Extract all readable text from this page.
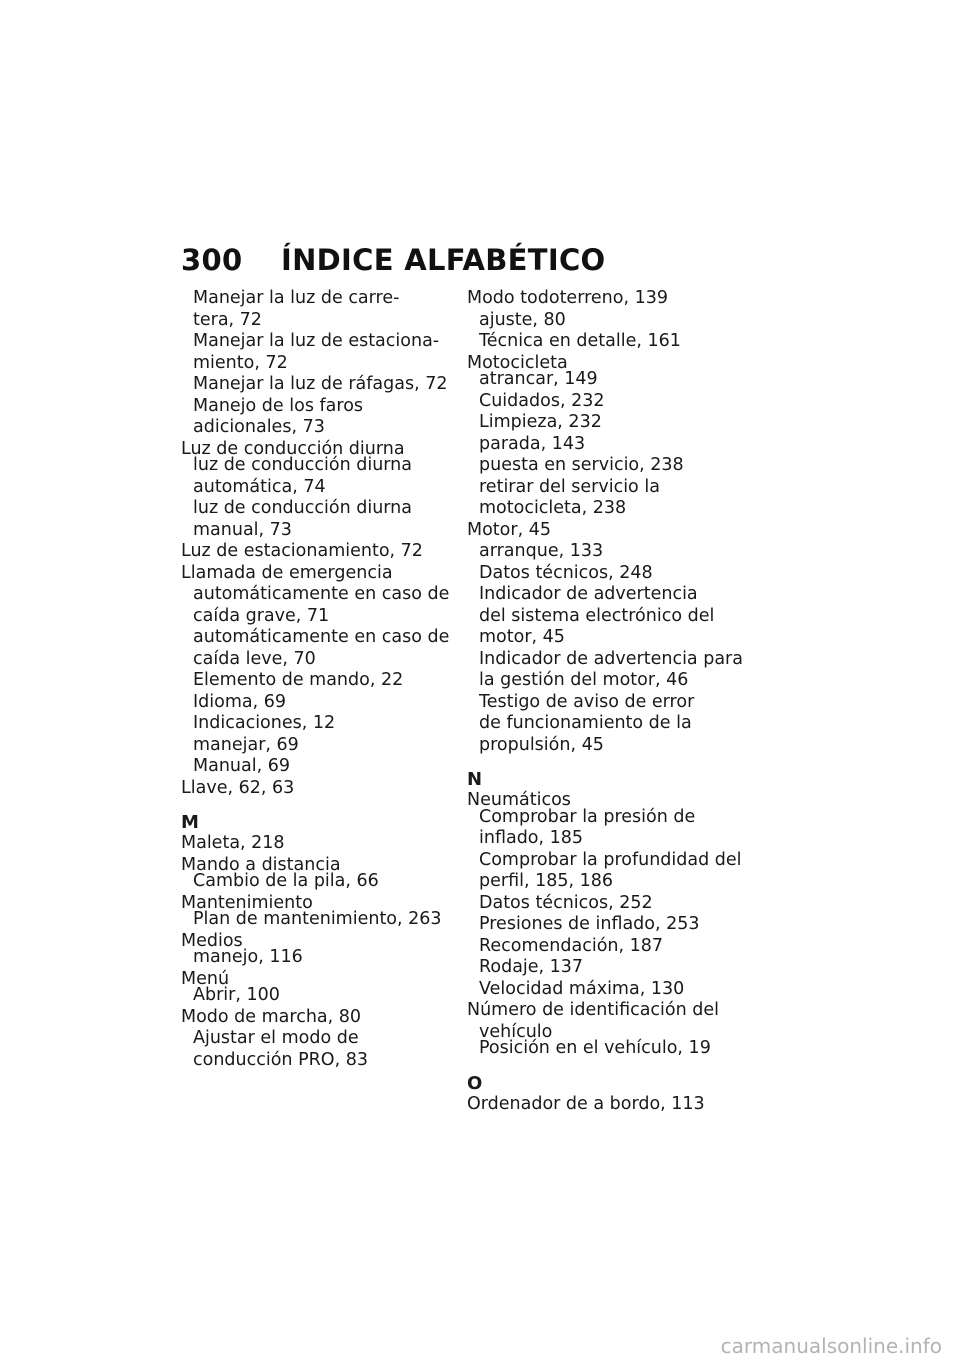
300 ÍNDICE ALFABÉTICO
Manejar la luz de carre-
tera, 72
Manejar la luz de estaciona-
miento, 72
Manejar la luz de ráfagas, 72
Manejo de los faros
adicionales, 73
Luz de conducción diurna
luz de conducción diurna
automática, 74
luz de conducción diurna
manual, 73
Luz de estacionamiento, 72
Llamada de emergencia
automáticamente en caso de
caída grave, 71
automáticamente en caso de
caída leve, 70
Elemento de mando, 22
Idioma, 69
Indicaciones, 12
manejar, 69
Manual, 69
Llave, 62, 63
M
Maleta, 218
Mando a distancia
Cambio de la pila, 66
Mantenimiento
Plan de mantenimiento, 263
Medios
manejo, 116
Menú
Abrir, 100
Modo de marcha, 80
Ajustar el modo de
conducción PRO, 83
Modo todoterreno, 139
ajuste, 80
Técnica en detalle, 161
Motocicleta
atrancar, 149
Cuidados, 232
Limpieza, 232
parada, 143
puesta en servicio, 238
retirar del servicio la
motocicleta, 238
Motor, 45
arranque, 133
Datos técnicos, 248
Indicador de advertencia
del sistema electrónico del
motor, 45
Indicador de advertencia para
la gestión del motor, 46
Testigo de aviso de error
de funcionamiento de la
propulsión, 45
N
Neumáticos
Comprobar la presión de
inflado, 185
Comprobar la profundidad del
perfil, 185, 186
Datos técnicos, 252
Presiones de inflado, 253
Recomendación, 187
Rodaje, 137
Velocidad máxima, 130
Número de identificación del
vehículo
Posición en el vehículo, 19
O
Ordenador de a bordo, 113
carmanualsonline.info
